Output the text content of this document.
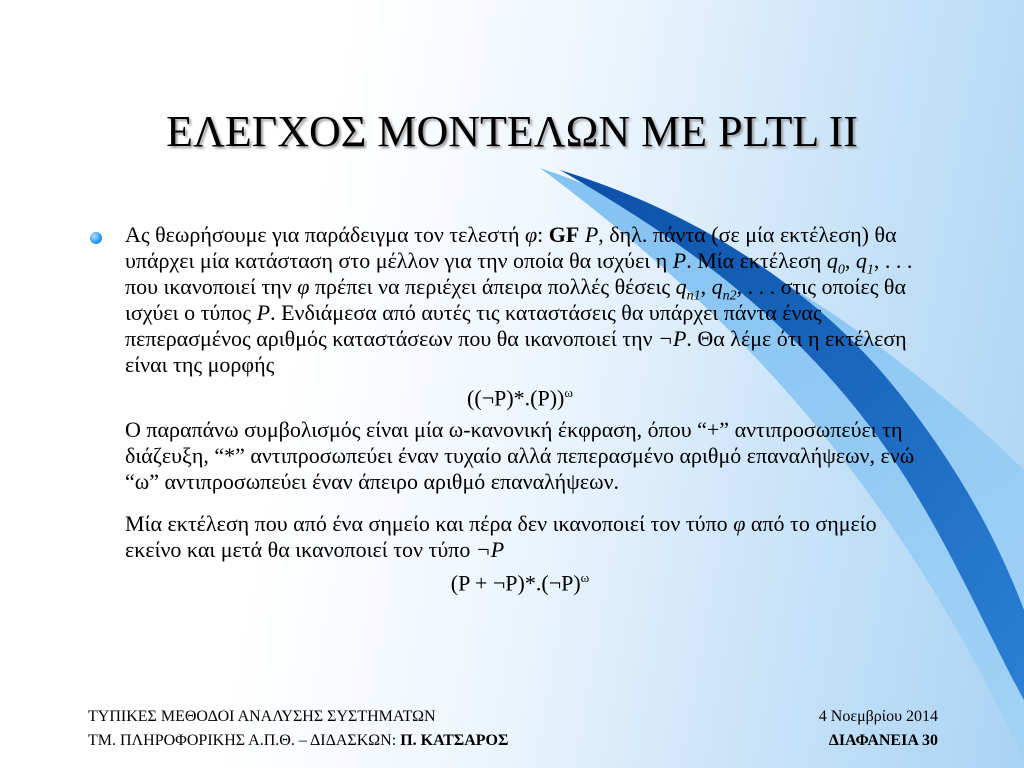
ΕΛΕΓΧΟΣ ΜΟΝΤΕΛΩΝ ΜΕ PLTL II

Ας θεωρήσουμε για παράδειγμα τον τελεστή φ: GF P, δηλ. πάντα (σε μία εκτέλεση) θα υπάρχει μία κατάσταση στο μέλλον για την οποία θα ισχύει η P. Μία εκτέλεση $q_0$, $q_1$, . . . που ικανοποιεί την φ πρέπει να περιέχει άπειρα πολλές θέσεις $q_{n1}$, $q_{n2}$, . . . στις οποίες θα ισχύει ο τύπος P. Ενδιάμεσα από αυτές τις καταστάσεις θα υπάρχει πάντα ένας πεπερασμένος αριθμός καταστάσεων που θα ικανοποιεί την ¬P. Θα λέμε ότι η εκτέλεση είναι της μορφής

((¬P)*.(P))$^\omega$

Ο παραπάνω συμβολισμός είναι μία ω-κανονική έκφραση, όπου “+” αντιπροσωπεύει τη διάζευξη, “*” αντιπροσωπεύει έναν τυχαίο αλλά πεπερασμένο αριθμό επαναλήψεων, ενώ “ω” αντιπροσωπεύει έναν άπειρο αριθμό επαναλήψεων.

Μία εκτέλεση που από ένα σημείο και πέρα δεν ικανοποιεί τον τύπο φ από το σημείο εκείνο και μετά θα ικανοποιεί τον τύπο ¬P

(P + ¬P)*.(¬P)$^\omega$
ΤΥΠΙΚΕΣ ΜΕΘΟΔΟΙ ΑΝΑΛΥΣΗΣ ΣΥΣΤΗΜΑΤΩΝ
ΤΜ. ΠΛΗΡΟΦΟΡΙΚΗΣ Α.Π.Θ. – ΔΙΔΑΣΚΩΝ: Π. ΚΑΤΣΑΡΟΣ
4 Νοεμβρίου 2014
ΔΙΑΦΑΝΕΙΑ 30
